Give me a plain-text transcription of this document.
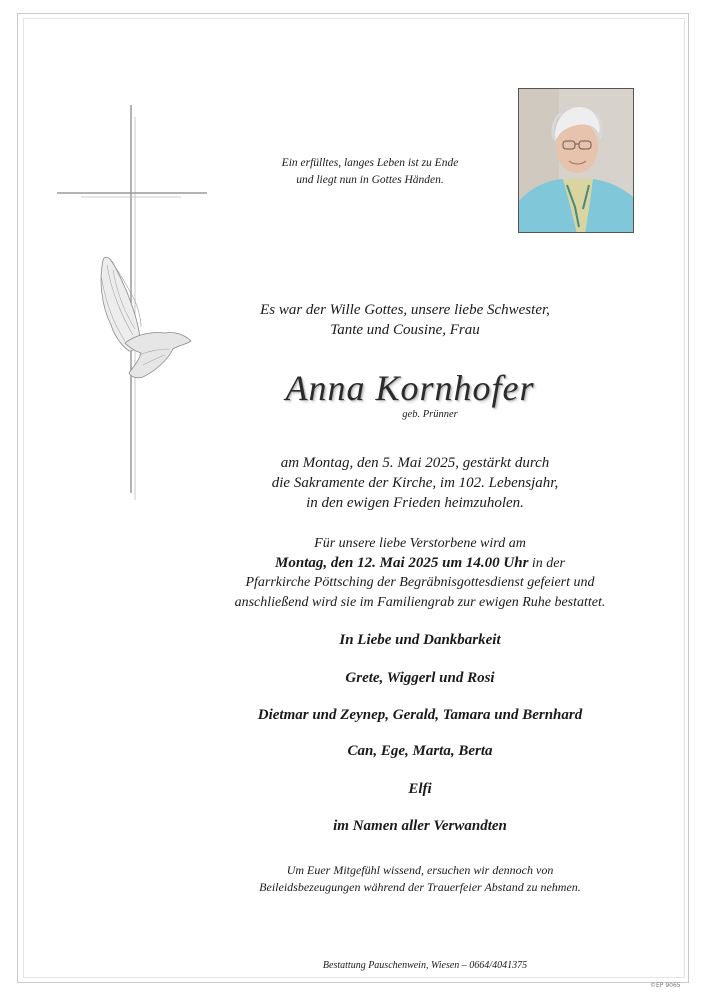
Ein erfülltes, langes Leben ist zu Ende
und liegt nun in Gottes Händen.
Es war der Wille Gottes, unsere liebe Schwester,
Tante und Cousine, Frau
Anna Kornhofer
geb. Prünner
am Montag, den 5. Mai 2025, gestärkt durch
die Sakramente der Kirche, im 102. Lebensjahr,
in den ewigen Frieden heimzuholen.
Für unsere liebe Verstorbene wird am
Montag, den 12. Mai 2025 um 14.00 Uhr in der
Pfarrkirche Pöttsching der Begräbnisgottesdienst gefeiert und
anschließend wird sie im Familiengrab zur ewigen Ruhe bestattet.
In Liebe und Dankbarkeit
Grete, Wiggerl und Rosi
Dietmar und Zeynep, Gerald, Tamara und Bernhard
Can, Ege, Marta, Berta
Elfi
im Namen aller Verwandten
Um Euer Mitgefühl wissend, ersuchen wir dennoch von
Beileidsbezeugungen während der Trauerfeier Abstand zu nehmen.
Bestattung Pauschenwein, Wiesen – 0664/4041375
©EP 9065
